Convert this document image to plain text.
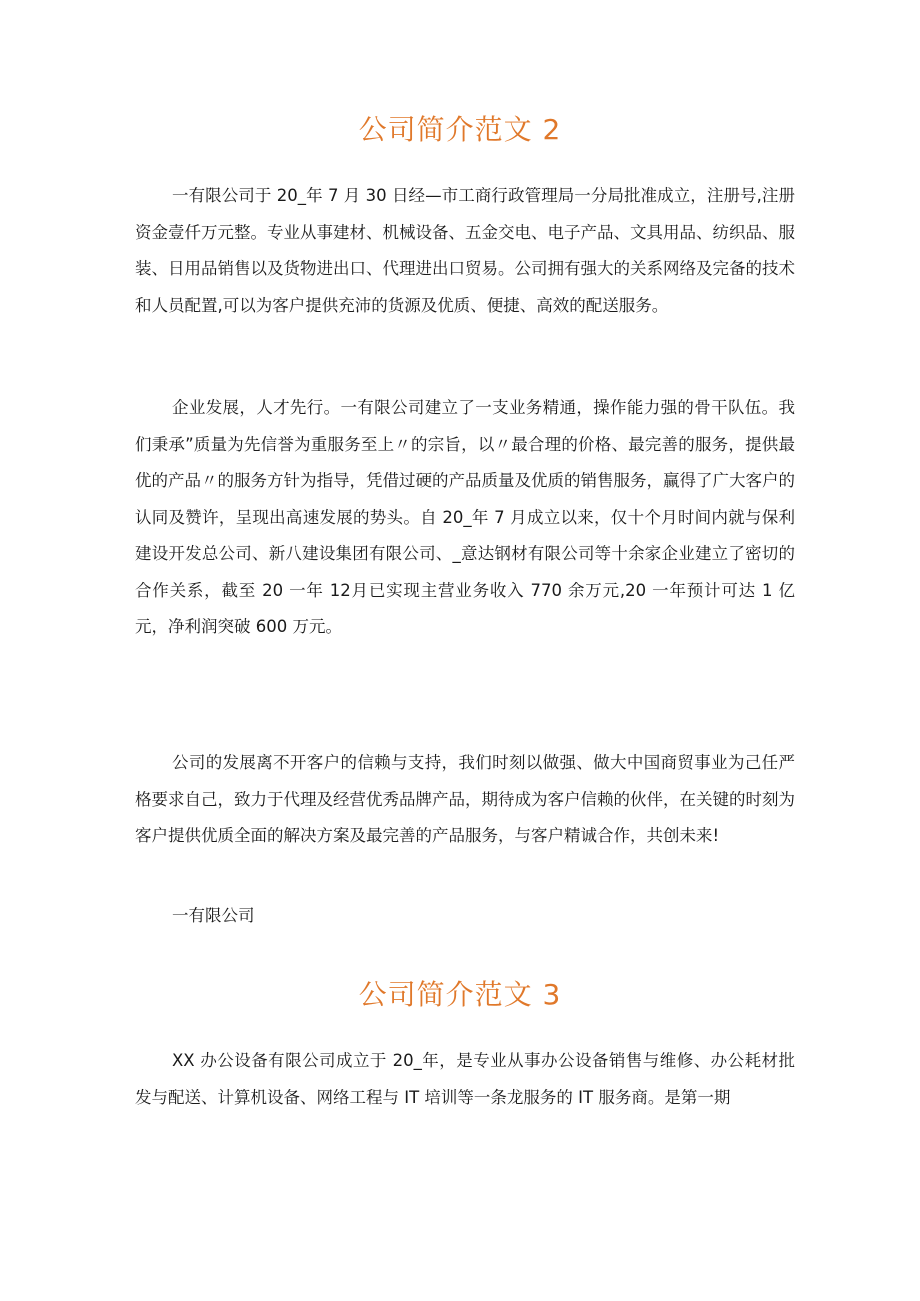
公司简介范文 2

一有限公司于 20_年 7 月 30 日经—市工商行政管理局一分局批准成立，注册号,注册资金壹仟万元整。专业从事建材、机械设备、五金交电、电子产品、文具用品、纺织品、服装、日用品销售以及货物进出口、代理进出口贸易。公司拥有强大的关系网络及完备的技术和人员配置,可以为客户提供充沛的货源及优质、便捷、高效的配送服务。

企业发展，人才先行。一有限公司建立了一支业务精通，操作能力强的骨干队伍。我们秉承”质量为先信誉为重服务至上〃的宗旨，以〃最合理的价格、最完善的服务，提供最优的产品〃的服务方针为指导，凭借过硬的产品质量及优质的销售服务，赢得了广大客户的认同及赞许，呈现出高速发展的势头。自 20_年 7 月成立以来，仅十个月时间内就与保利建设开发总公司、新八建设集团有限公司、_意达钢材有限公司等十余家企业建立了密切的合作关系，截至 20 一年 12月已实现主营业务收入 770 余万元,20 一年预计可达 1 亿元，净利润突破 600 万元。

公司的发展离不开客户的信赖与支持，我们时刻以做强、做大中国商贸事业为己任严格要求自己，致力于代理及经营优秀品牌产品，期待成为客户信赖的伙伴，在关键的时刻为客户提供优质全面的解决方案及最完善的产品服务，与客户精诚合作，共创未来!

一有限公司
公司简介范文 3

XX 办公设备有限公司成立于 20_年，是专业从事办公设备销售与维修、办公耗材批发与配送、计算机设备、网络工程与 IT 培训等一条龙服务的 IT 服务商。是第一期
